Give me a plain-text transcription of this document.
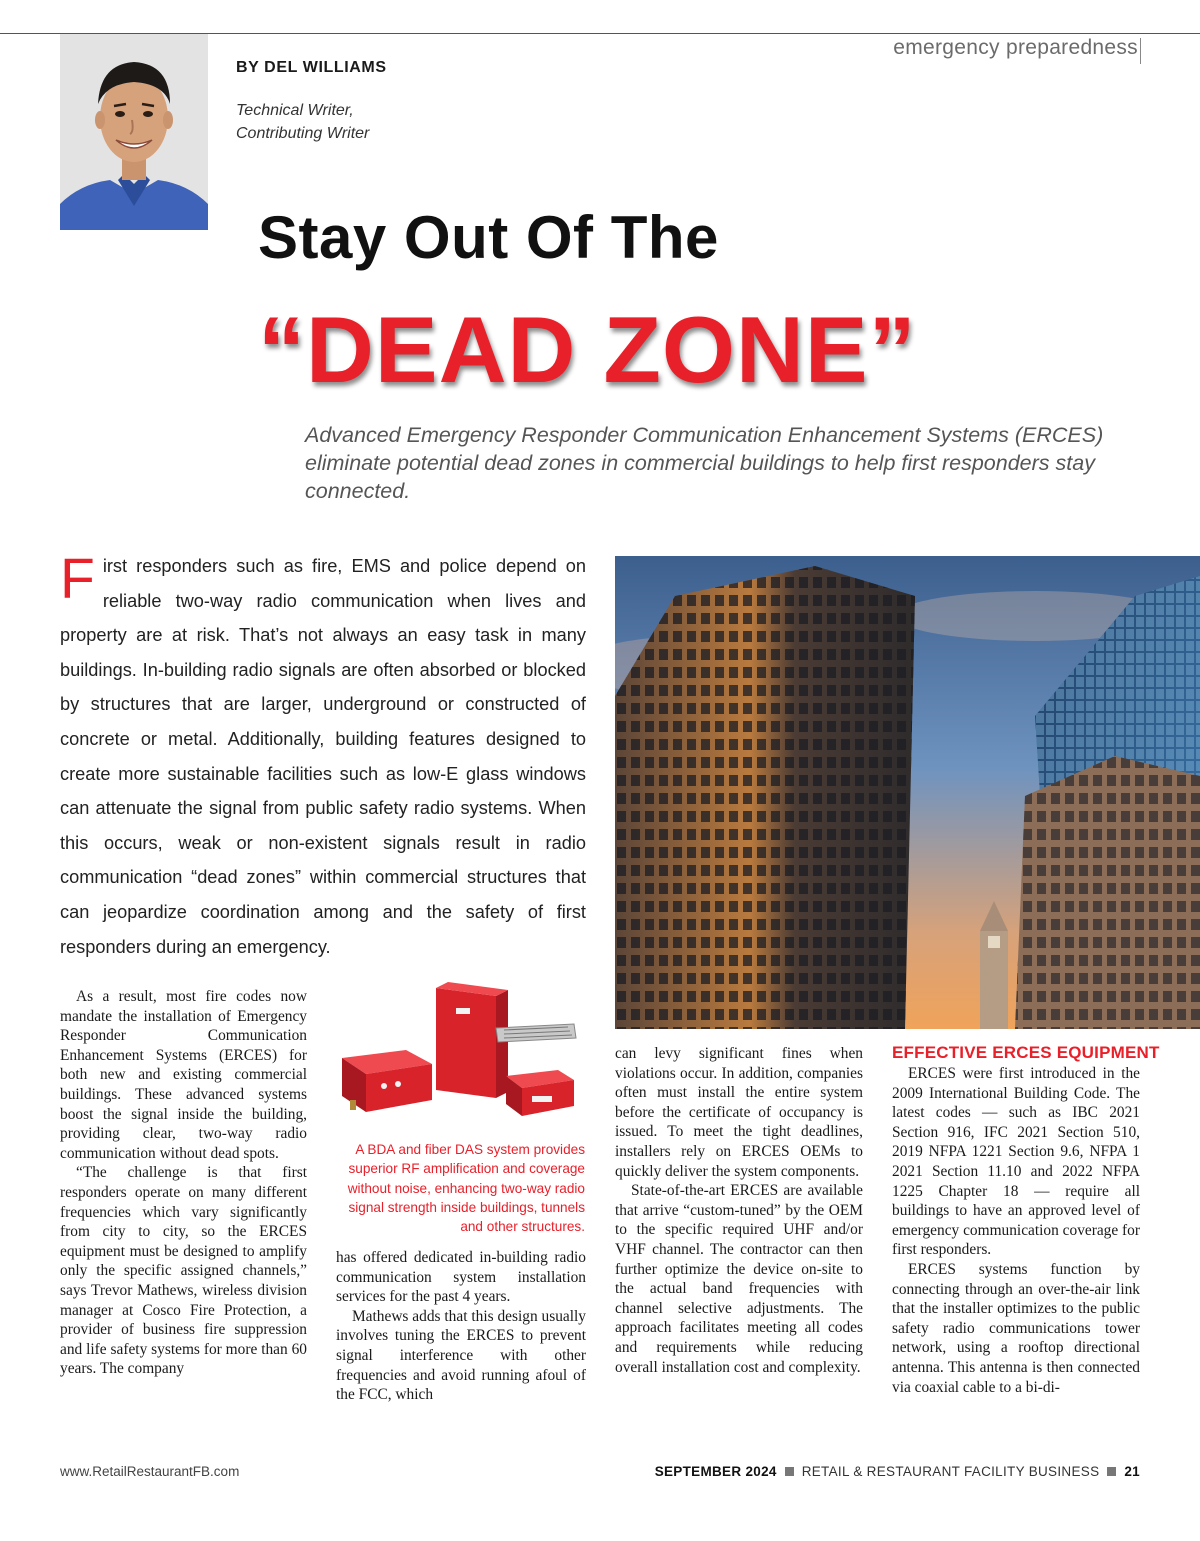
emergency preparedness
BY DEL WILLIAMS
Technical Writer,
Contributing Writer
Stay Out Of The
“DEAD ZONE”
Advanced Emergency Responder Communication Enhancement Systems (ERCES) eliminate potential dead zones in commercial buildings to help first responders stay connected.
First responders such as fire, EMS and police depend on reliable two-way radio communication when lives and property are at risk. That’s not always an easy task in many buildings. In-building radio signals are often absorbed or blocked by structures that are larger, underground or constructed of concrete or metal. Additionally, building features designed to create more sustainable facilities such as low-E glass windows can attenuate the signal from public safety radio systems. When this occurs, weak or non-existent signals result in radio communication “dead zones” within commercial structures that can jeopardize coordination among and the safety of first responders during an emergency.
A BDA and fiber DAS system provides superior RF amplification and coverage without noise, enhancing two-way radio signal strength inside buildings, tunnels and other structures.

As a result, most fire codes now mandate the installation of Emergency Responder Communication Enhancement Systems (ERCES) for both new and existing commercial buildings. These advanced systems boost the signal inside the building, providing clear, two-way radio communication without dead spots.

“The challenge is that first responders operate on many different frequencies which vary significantly from city to city, so the ERCES equipment must be designed to amplify only the specific assigned channels,” says Trevor Mathews, wireless division manager at Cosco Fire Protection, a provider of business fire suppression and life safety systems for more than 60 years. The company

has offered dedicated in-building radio communication system installation services for the past 4 years.

Mathews adds that this design usually involves tuning the ERCES to prevent signal interference with other frequencies and avoid running afoul of the FCC, which

can levy significant fines when violations occur. In addition, companies often must install the entire system before the certificate of occupancy is issued. To meet the tight deadlines, installers rely on ERCES OEMs to quickly deliver the system components.

State-of-the-art ERCES are available that arrive “custom-tuned” by the OEM to the specific required UHF and/or VHF channel. The contractor can then further optimize the device on-site to the actual band frequencies with channel selective adjustments. The approach facilitates meeting all codes and requirements while reducing overall installation cost and complexity.

EFFECTIVE ERCES EQUIPMENT

ERCES were first introduced in the 2009 International Building Code. The latest codes — such as IBC 2021 Section 916, IFC 2021 Section 510, 2019 NFPA 1221 Section 9.6, NFPA 1 2021 Section 11.10 and 2022 NFPA 1225 Chapter 18 — require all buildings to have an approved level of emergency communication coverage for first responders.

ERCES systems function by connecting through an over-the-air link that the installer optimizes to the public safety radio communications tower network, using a rooftop directional antenna. This antenna is then connected via coaxial cable to a bi-di-

www.RetailRestaurantFB.com	SEPTEMBER 2024 RETAIL & RESTAURANT FACILITY BUSINESS 21
